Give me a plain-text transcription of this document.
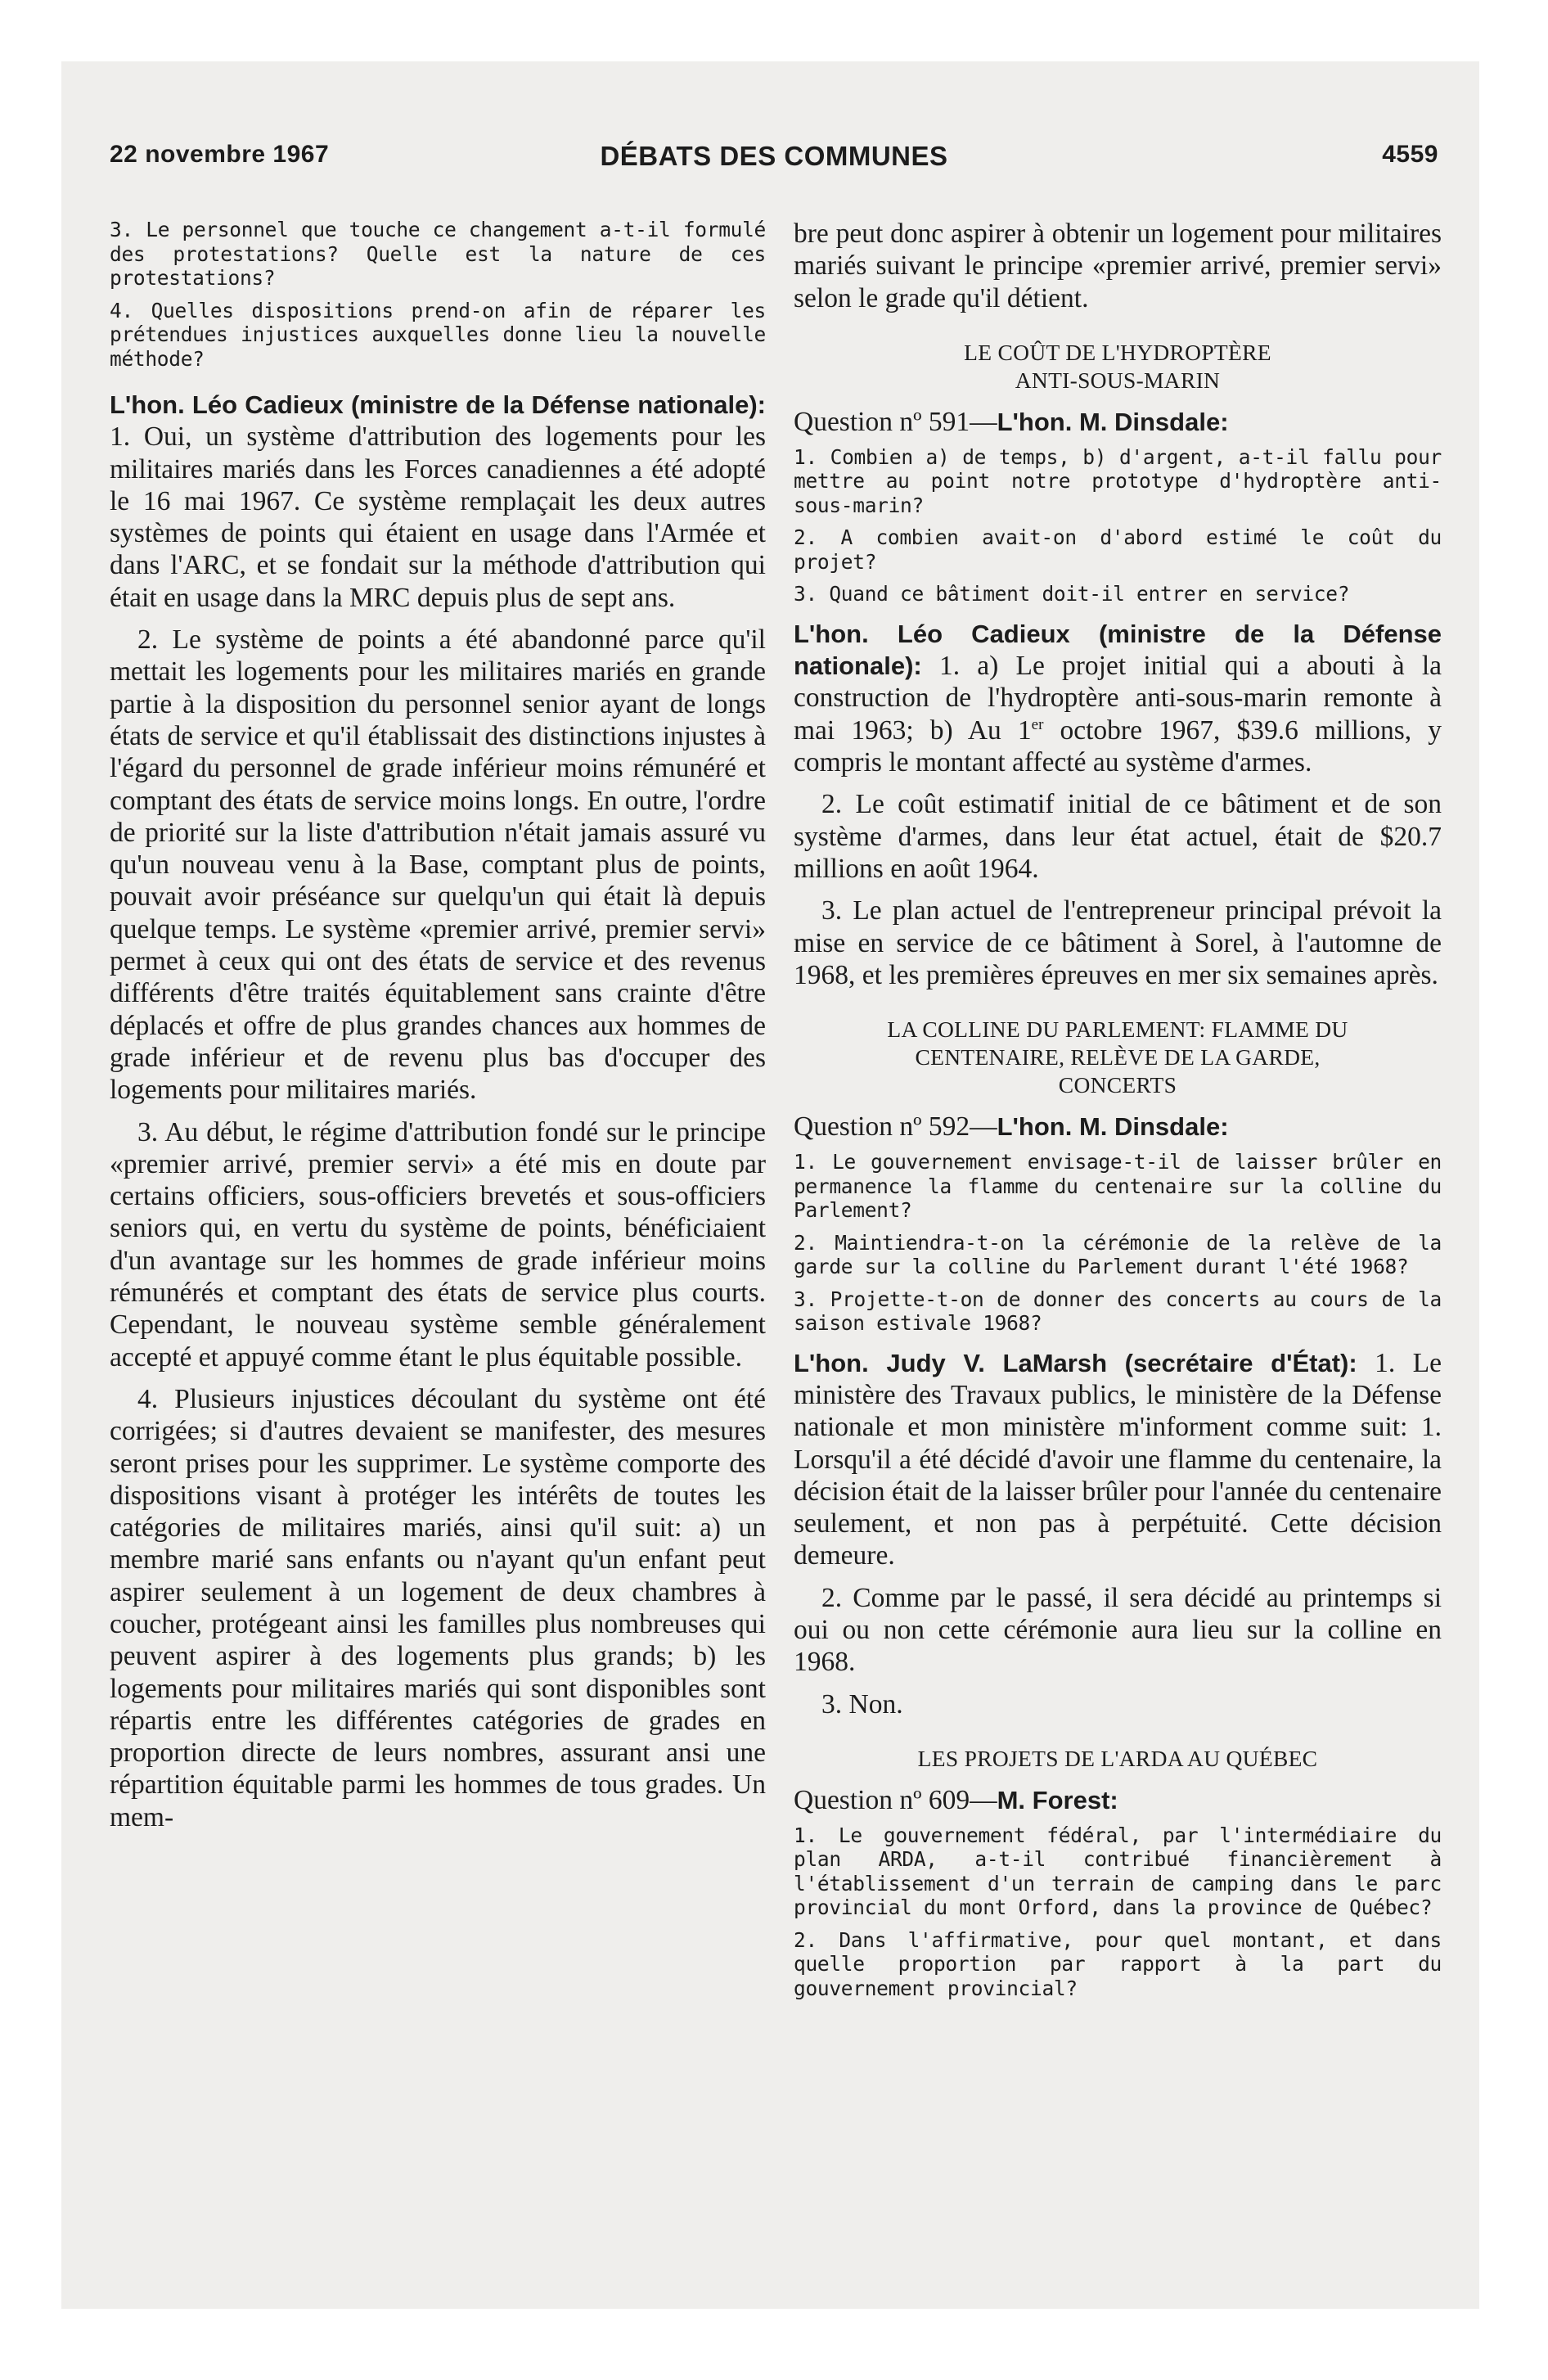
22 novembre 1967	DÉBATS DES COMMUNES	4559

3. Le personnel que touche ce changement a-t-il formulé des protestations? Quelle est la nature de ces protestations?

4. Quelles dispositions prend-on afin de réparer les prétendues injustices auxquelles donne lieu la nouvelle méthode?

L'hon. Léo Cadieux (ministre de la Défense nationale): 1. Oui, un système d'attribution des logements pour les militaires mariés dans les Forces canadiennes a été adopté le 16 mai 1967. Ce système remplaçait les deux autres systèmes de points qui étaient en usage dans l'Armée et dans l'ARC, et se fondait sur la méthode d'attribution qui était en usage dans la MRC depuis plus de sept ans.

2. Le système de points a été abandonné parce qu'il mettait les logements pour les militaires mariés en grande partie à la disposition du personnel senior ayant de longs états de service et qu'il établissait des distinctions injustes à l'égard du personnel de grade inférieur moins rémunéré et comptant des états de service moins longs. En outre, l'ordre de priorité sur la liste d'attribution n'était jamais assuré vu qu'un nouveau venu à la Base, comptant plus de points, pouvait avoir préséance sur quelqu'un qui était là depuis quelque temps. Le système «premier arrivé, premier servi» permet à ceux qui ont des états de service et des revenus différents d'être traités équitablement sans crainte d'être déplacés et offre de plus grandes chances aux hommes de grade inférieur et de revenu plus bas d'occuper des logements pour militaires mariés.

3. Au début, le régime d'attribution fondé sur le principe «premier arrivé, premier servi» a été mis en doute par certains officiers, sous-officiers brevetés et sous-officiers seniors qui, en vertu du système de points, bénéficiaient d'un avantage sur les hommes de grade inférieur moins rémunérés et comptant des états de service plus courts. Cependant, le nouveau système semble généralement accepté et appuyé comme étant le plus équitable possible.

4. Plusieurs injustices découlant du système ont été corrigées; si d'autres devaient se manifester, des mesures seront prises pour les supprimer. Le système comporte des dispositions visant à protéger les intérêts de toutes les catégories de militaires mariés, ainsi qu'il suit: a) un membre marié sans enfants ou n'ayant qu'un enfant peut aspirer seulement à un logement de deux chambres à coucher, protégeant ainsi les familles plus nombreuses qui peuvent aspirer à des logements plus grands; b) les logements pour militaires mariés qui sont disponibles sont répartis entre les différentes catégories de grades en proportion directe de leurs nombres, assurant ansi une répartition équitable parmi les hommes de tous grades. Un mem-

bre peut donc aspirer à obtenir un logement pour militaires mariés suivant le principe «premier arrivé, premier servi» selon le grade qu'il détient.

LE COÛT DE L'HYDROPTÈRE
ANTI-SOUS-MARIN

Question nº 591—L'hon. M. Dinsdale:

1. Combien a) de temps, b) d'argent, a-t-il fallu pour mettre au point notre prototype d'hydroptère anti-sous-marin?

2. A combien avait-on d'abord estimé le coût du projet?

3. Quand ce bâtiment doit-il entrer en service?

L'hon. Léo Cadieux (ministre de la Défense nationale): 1. a) Le projet initial qui a abouti à la construction de l'hydroptère anti-sous-marin remonte à mai 1963; b) Au 1er octobre 1967, $39.6 millions, y compris le montant affecté au système d'armes.

2. Le coût estimatif initial de ce bâtiment et de son système d'armes, dans leur état actuel, était de $20.7 millions en août 1964.

3. Le plan actuel de l'entrepreneur principal prévoit la mise en service de ce bâtiment à Sorel, à l'automne de 1968, et les premières épreuves en mer six semaines après.

LA COLLINE DU PARLEMENT: FLAMME DU
CENTENAIRE, RELÈVE DE LA GARDE,
CONCERTS

Question nº 592—L'hon. M. Dinsdale:

1. Le gouvernement envisage-t-il de laisser brûler en permanence la flamme du centenaire sur la colline du Parlement?

2. Maintiendra-t-on la cérémonie de la relève de la garde sur la colline du Parlement durant l'été 1968?

3. Projette-t-on de donner des concerts au cours de la saison estivale 1968?

L'hon. Judy V. LaMarsh (secrétaire d'État): 1. Le ministère des Travaux publics, le ministère de la Défense nationale et mon ministère m'informent comme suit: 1. Lorsqu'il a été décidé d'avoir une flamme du centenaire, la décision était de la laisser brûler pour l'année du centenaire seulement, et non pas à perpétuité. Cette décision demeure.

2. Comme par le passé, il sera décidé au printemps si oui ou non cette cérémonie aura lieu sur la colline en 1968.

3. Non.

LES PROJETS DE L'ARDA AU QUÉBEC

Question nº 609—M. Forest:

1. Le gouvernement fédéral, par l'intermédiaire du plan ARDA, a-t-il contribué financièrement à l'établissement d'un terrain de camping dans le parc provincial du mont Orford, dans la province de Québec?

2. Dans l'affirmative, pour quel montant, et dans quelle proportion par rapport à la part du gouvernement provincial?
